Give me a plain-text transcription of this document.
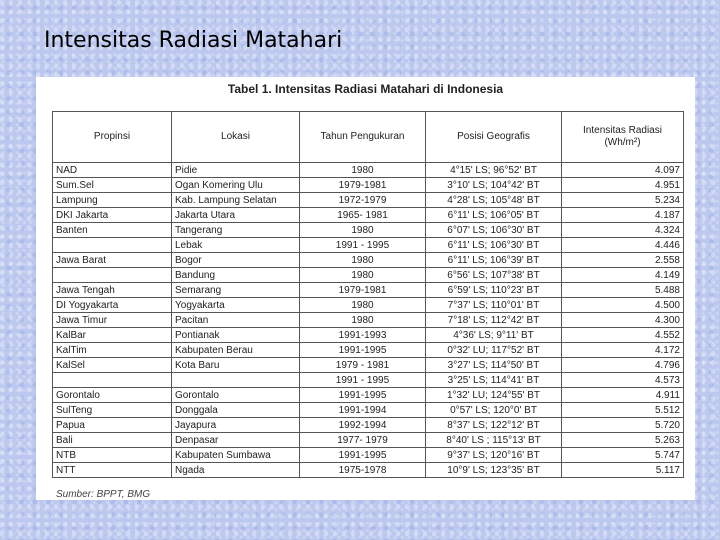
Intensitas Radiasi Matahari
Tabel 1. Intensitas Radiasi Matahari di Indonesia
Propinsi	Lokasi	Tahun Pengukuran	Posisi Geografis	Intensitas Radiasi (Wh/m²)
NAD	Pidie	1980	4°15' LS; 96°52' BT	4.097
Sum.Sel	Ogan Komering Ulu	1979-1981	3°10' LS; 104°42' BT	4.951
Lampung	Kab. Lampung Selatan	1972-1979	4°28' LS; 105°48' BT	5.234
DKI Jakarta	Jakarta Utara	1965- 1981	6°11' LS; 106°05' BT	4.187
Banten	Tangerang	1980	6°07' LS; 106°30' BT	4.324
	Lebak	1991 - 1995	6°11' LS; 106°30' BT	4.446
Jawa Barat	Bogor	1980	6°11' LS; 106°39' BT	2.558
	Bandung	1980	6°56' LS; 107°38' BT	4.149
Jawa Tengah	Semarang	1979-1981	6°59' LS; 110°23' BT	5.488
DI Yogyakarta	Yogyakarta	1980	7°37' LS; 110°01' BT	4.500
Jawa Timur	Pacitan	1980	7°18' LS; 112°42' BT	4.300
KalBar	Pontianak	1991-1993	4°36' LS; 9°11' BT	4.552
KalTim	Kabupaten Berau	1991-1995	0°32' LU; 117°52' BT	4.172
KalSel	Kota Baru	1979 - 1981	3°27' LS; 114°50' BT	4.796
		1991 - 1995	3°25' LS; 114°41' BT	4.573
Gorontalo	Gorontalo	1991-1995	1°32' LU; 124°55' BT	4.911
SulTeng	Donggala	1991-1994	0°57' LS; 120°0' BT	5.512
Papua	Jayapura	1992-1994	8°37' LS; 122°12' BT	5.720
Bali	Denpasar	1977- 1979	8°40' LS ; 115°13' BT	5.263
NTB	Kabupaten Sumbawa	1991-1995	9°37' LS; 120°16' BT	5.747
NTT	Ngada	1975-1978	10°9' LS; 123°35' BT	5.117
Sumber: BPPT, BMG
